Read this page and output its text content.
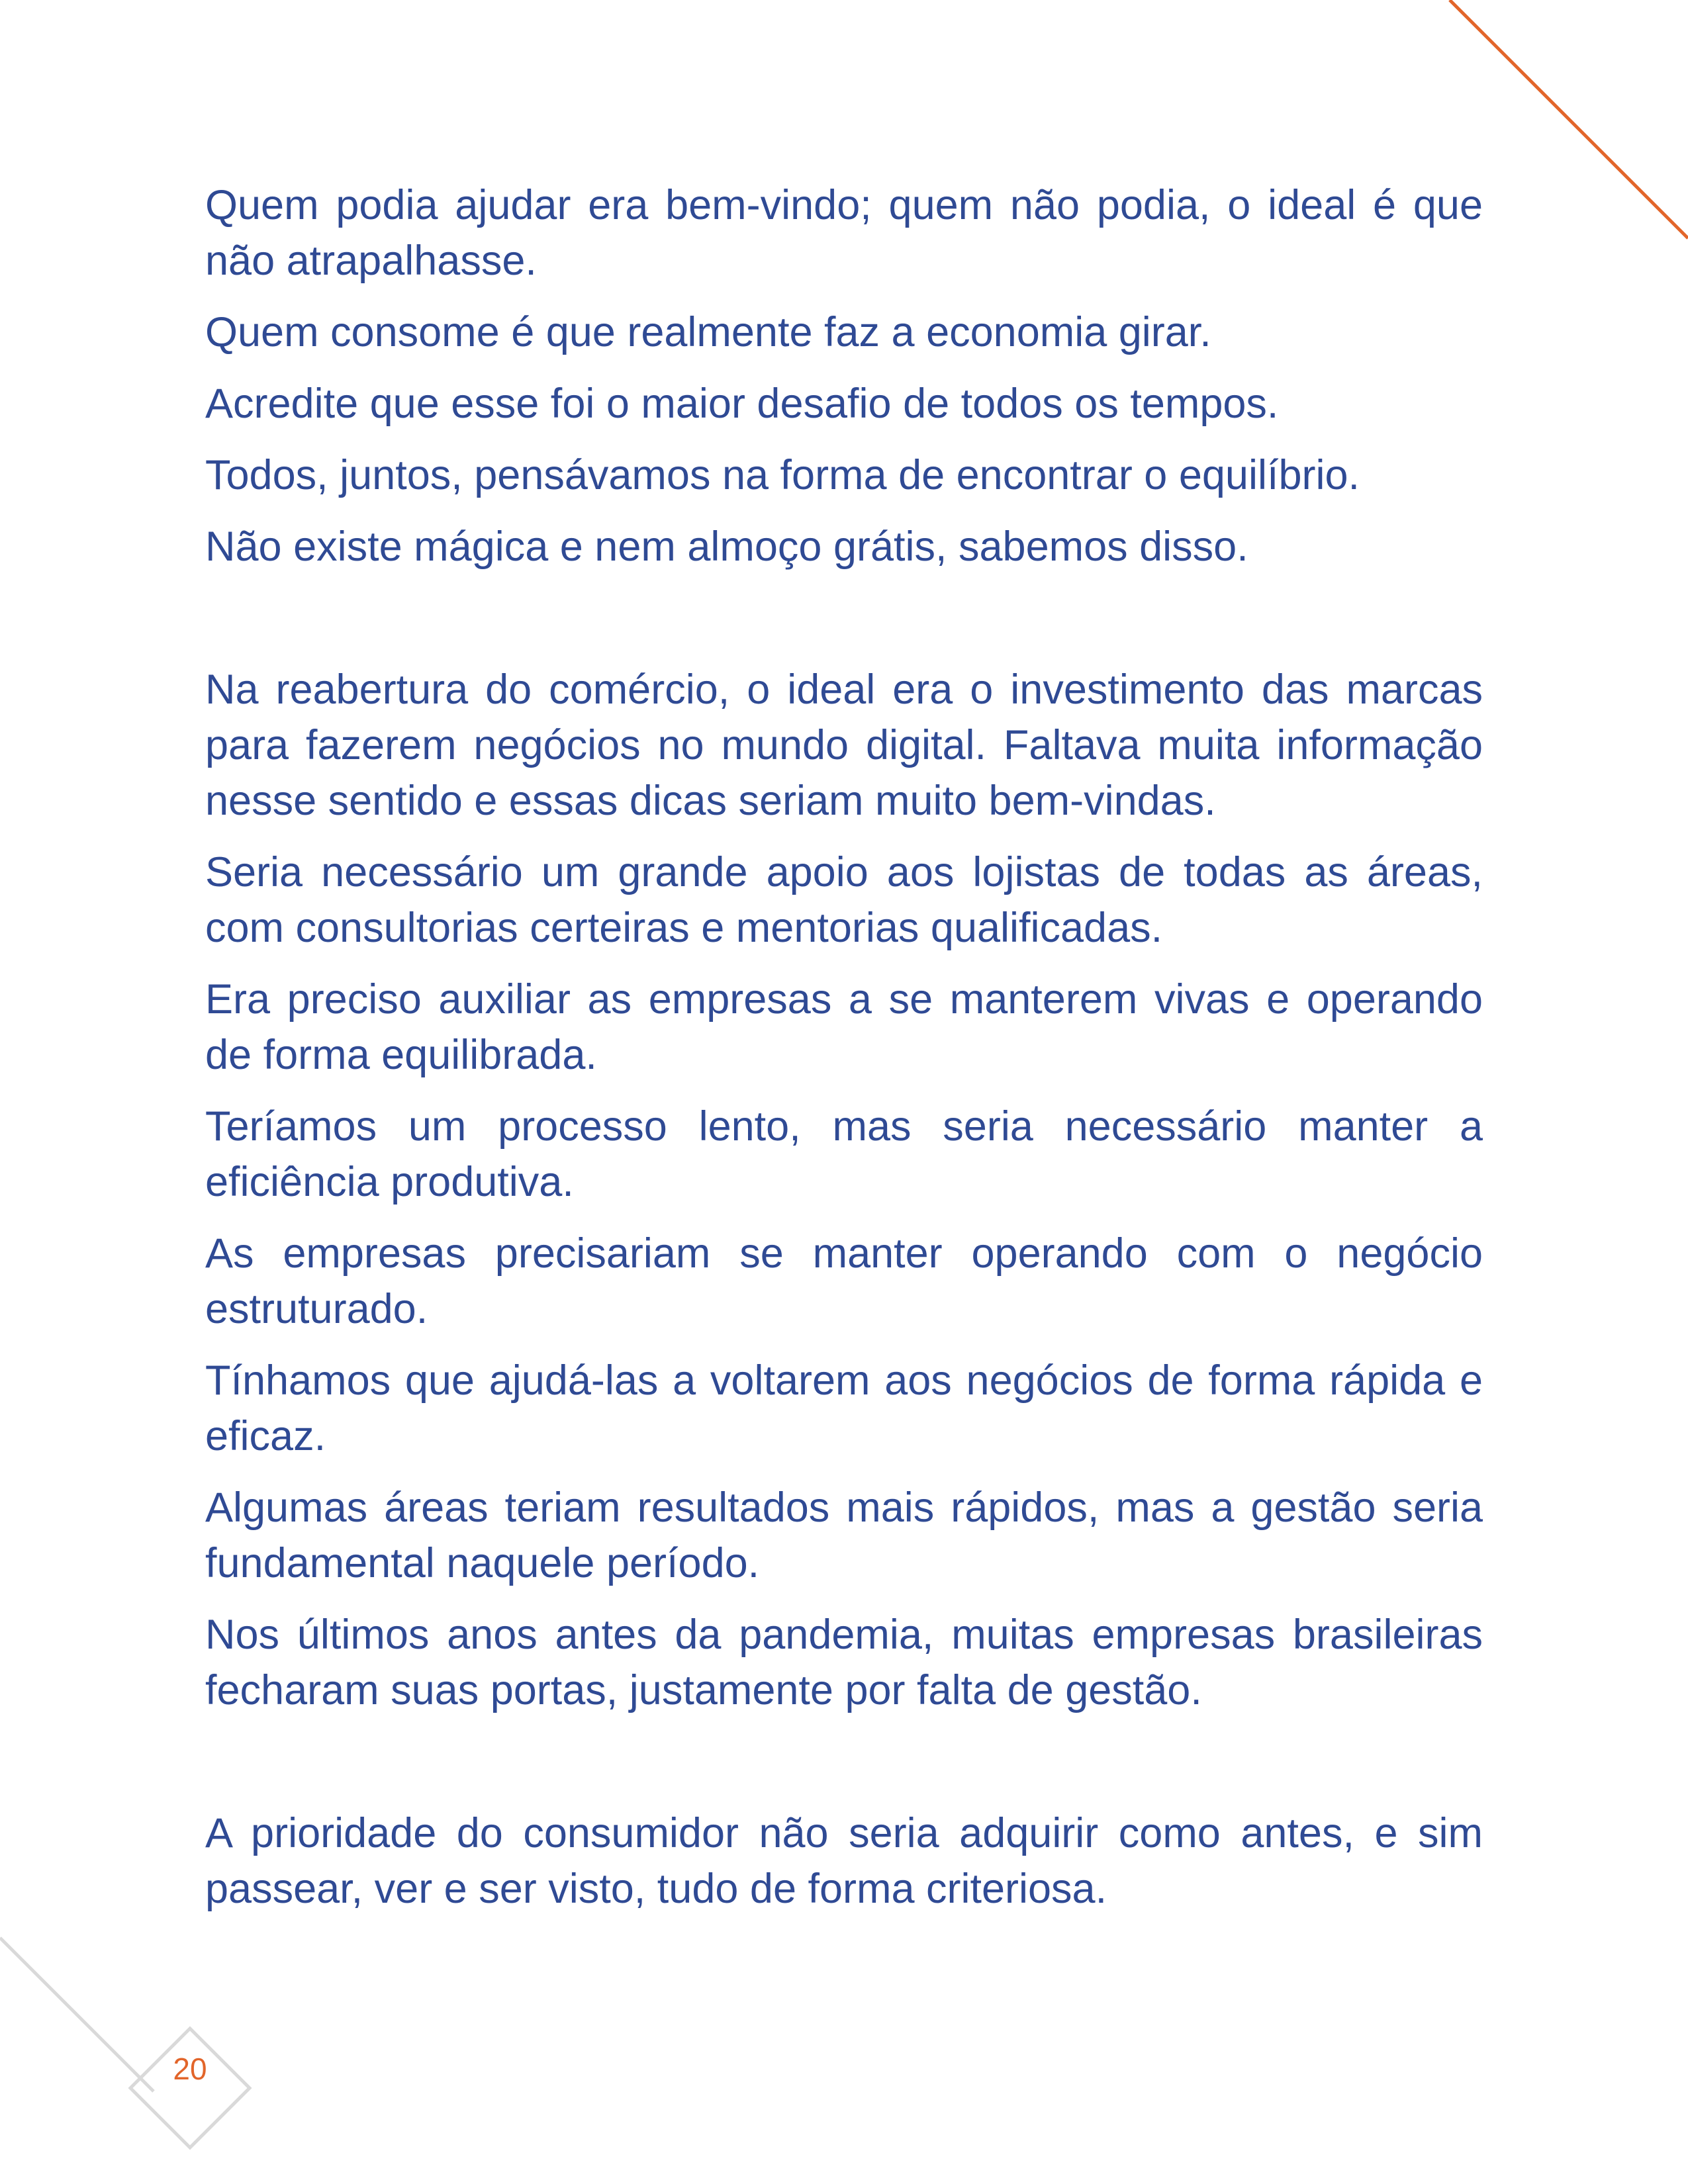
Quem podia ajudar era bem-vindo; quem não podia, o ideal é que não atrapalhasse.

Quem consome é que realmente faz a economia girar.

Acredite que esse foi o maior desafio de todos os tempos.

Todos, juntos, pensávamos na forma de encontrar o equilíbrio.

Não existe mágica e nem almoço grátis, sabemos disso.

Na reabertura do comércio, o ideal era o investimento das marcas para fazerem negócios no mundo digital. Faltava muita informação nesse sentido e essas dicas seriam muito bem-vindas.

Seria necessário um grande apoio aos lojistas de todas as áreas, com consultorias certeiras e mentorias qualificadas.

Era preciso auxiliar as empresas a se manterem vivas e operando de forma equilibrada.

Teríamos um processo lento, mas seria necessário manter a eficiência produtiva.

As empresas precisariam se manter operando com o negócio estruturado.

Tínhamos que ajudá-las a voltarem aos negócios de forma rápida e eficaz.

Algumas áreas teriam resultados mais rápidos, mas a gestão seria fundamental naquele período.

Nos últimos anos antes da pandemia, muitas empresas brasileiras fecharam suas portas, justamente por falta de gestão.

A prioridade do consumidor não seria adquirir como antes, e sim passear, ver e ser visto, tudo de forma criteriosa.

20
